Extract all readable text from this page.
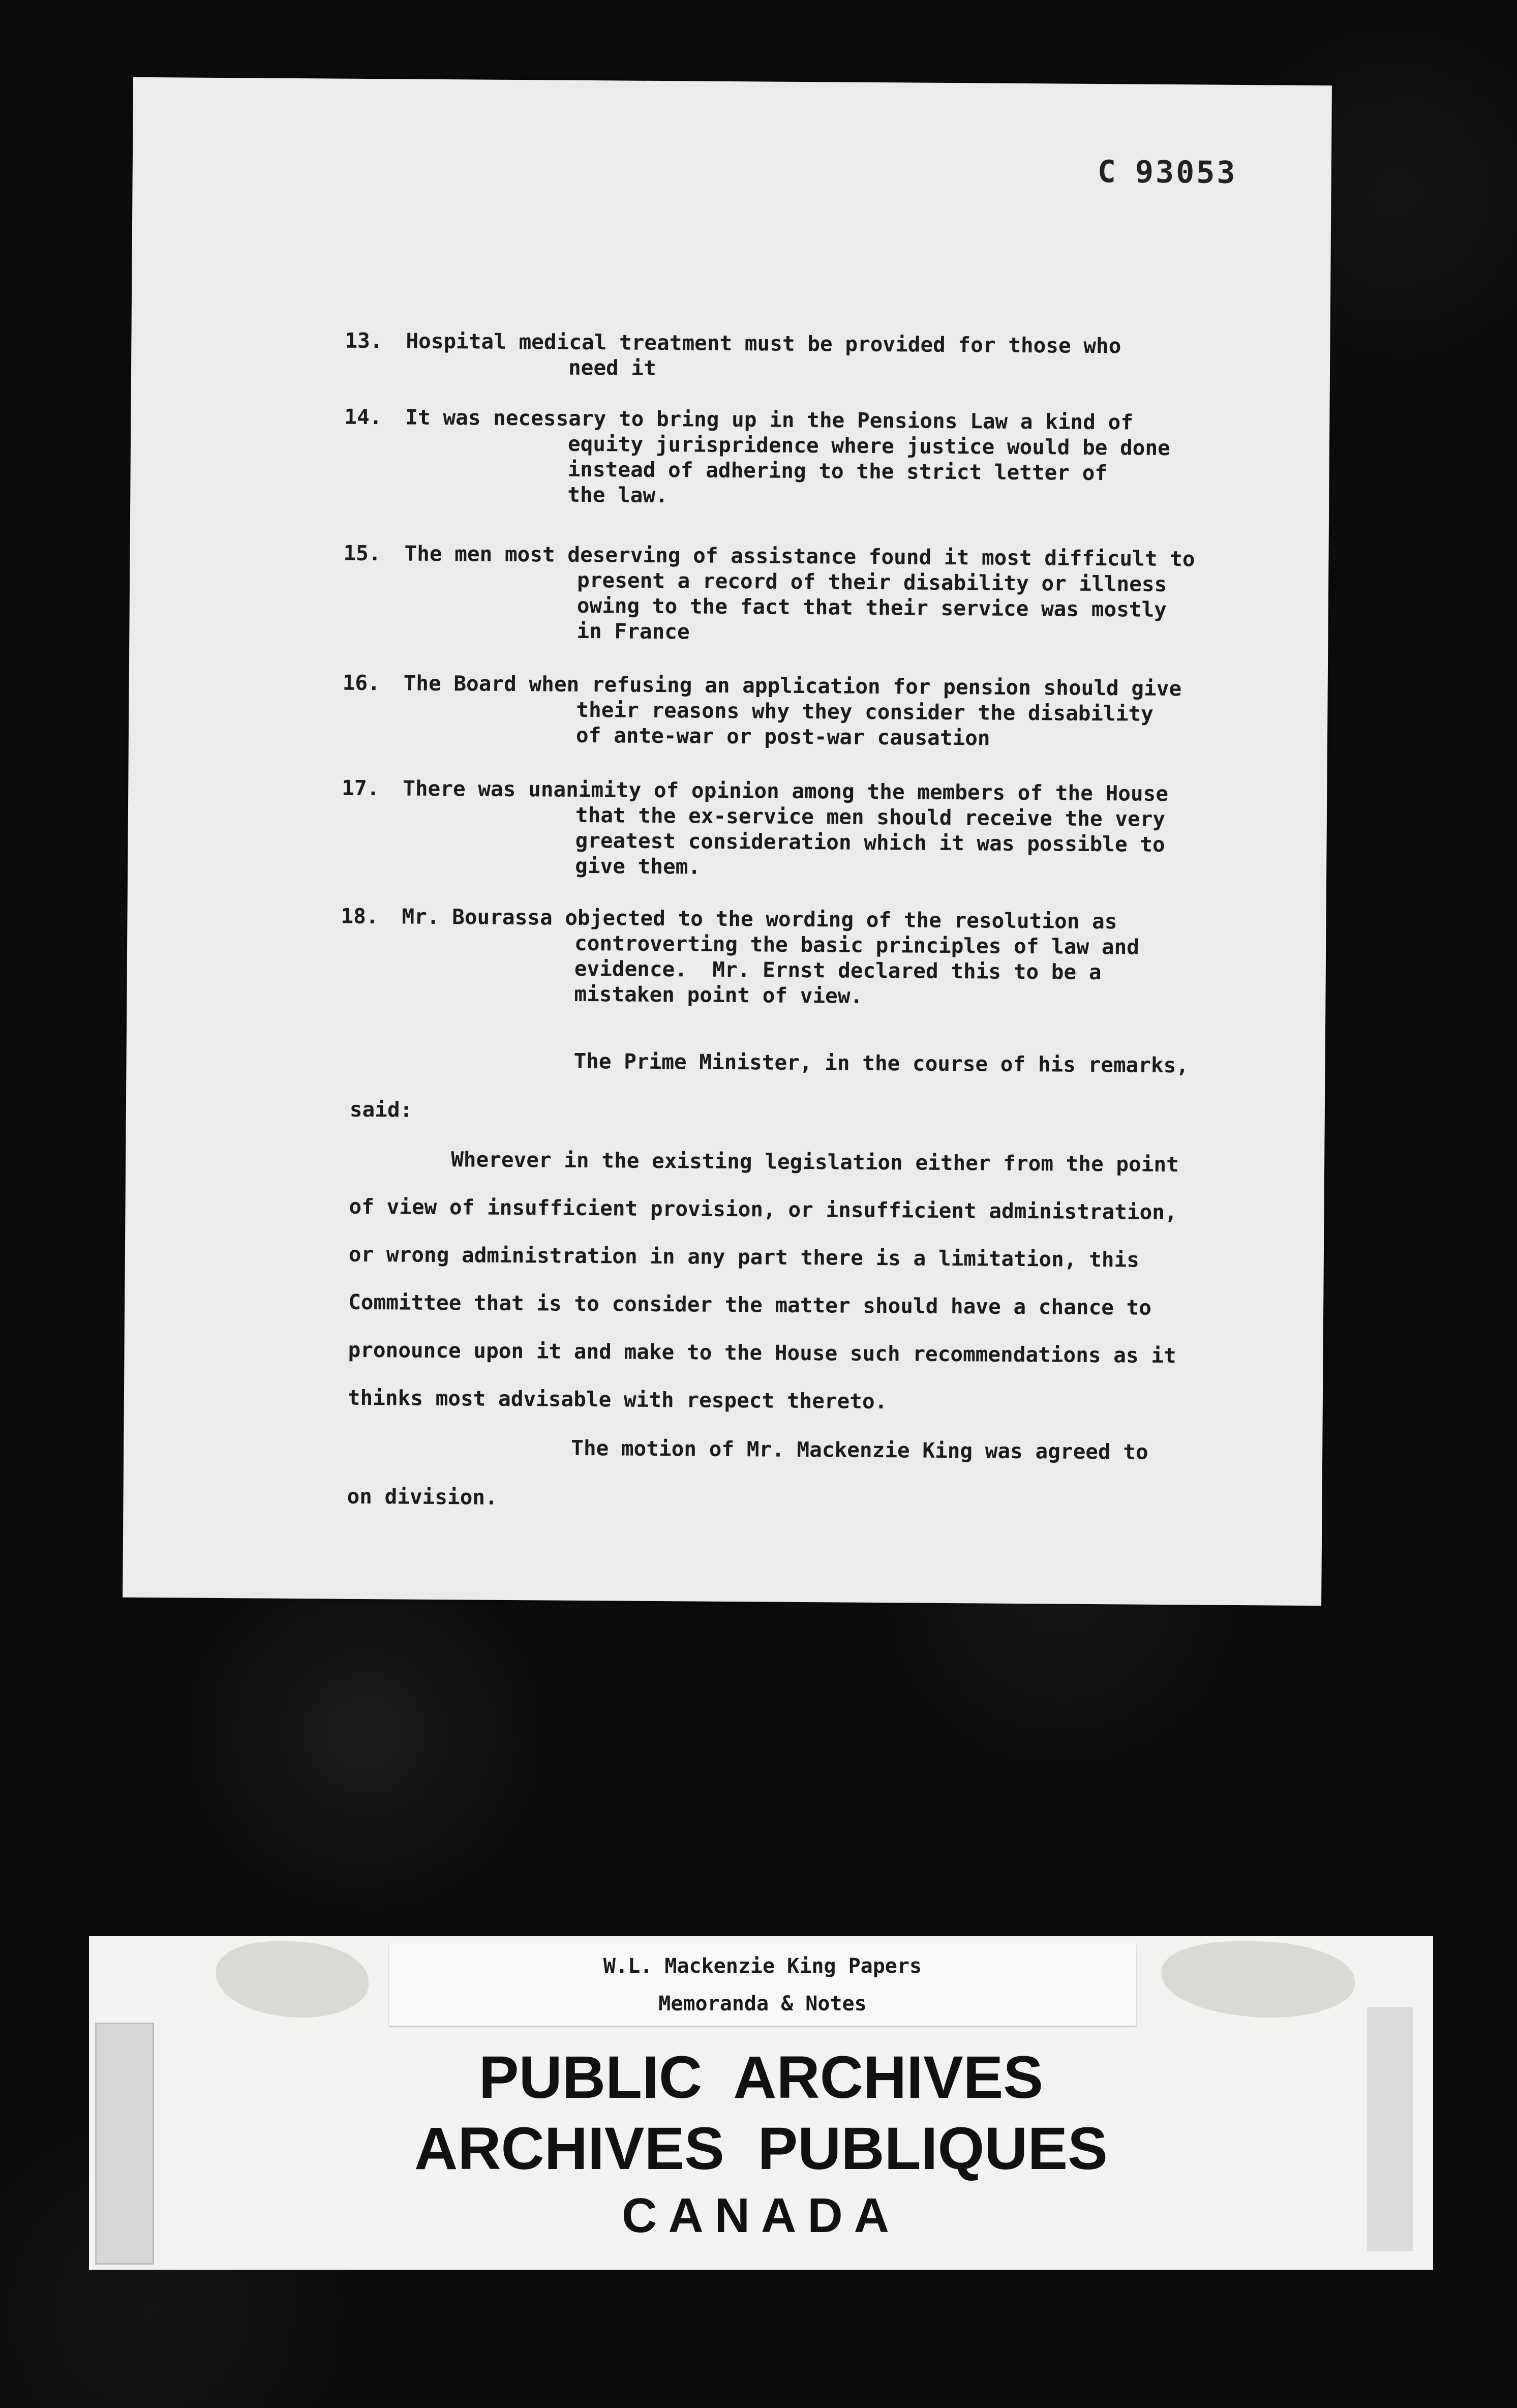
C 93053
13. Hospital medical treatment must be provided for those who
need it
14. It was necessary to bring up in the Pensions Law a kind of
equity jurispridence where justice would be done
instead of adhering to the strict letter of
the law.
15. The men most deserving of assistance found it most difficult to
present a record of their disability or illness
owing to the fact that their service was mostly
in France
16. The Board when refusing an application for pension should give
their reasons why they consider the disability
of ante-war or post-war causation
17. There was unanimity of opinion among the members of the House
that the ex-service men should receive the very
greatest consideration which it was possible to
give them.
18. Mr. Bourassa objected to the wording of the resolution as
controverting the basic principles of law and
evidence.  Mr. Ernst declared this to be a
mistaken point of view.
The Prime Minister, in the course of his remarks,
said:
Wherever in the existing legislation either from the point
of view of insufficient provision, or insufficient administration,
or wrong administration in any part there is a limitation, this
Committee that is to consider the matter should have a chance to
pronounce upon it and make to the House such recommendations as it
thinks most advisable with respect thereto.
The motion of Mr. Mackenzie King was agreed to
on division.
W.L. Mackenzie King Papers
Memoranda & Notes
PUBLIC  ARCHIVES
ARCHIVES  PUBLIQUES
CANADA
